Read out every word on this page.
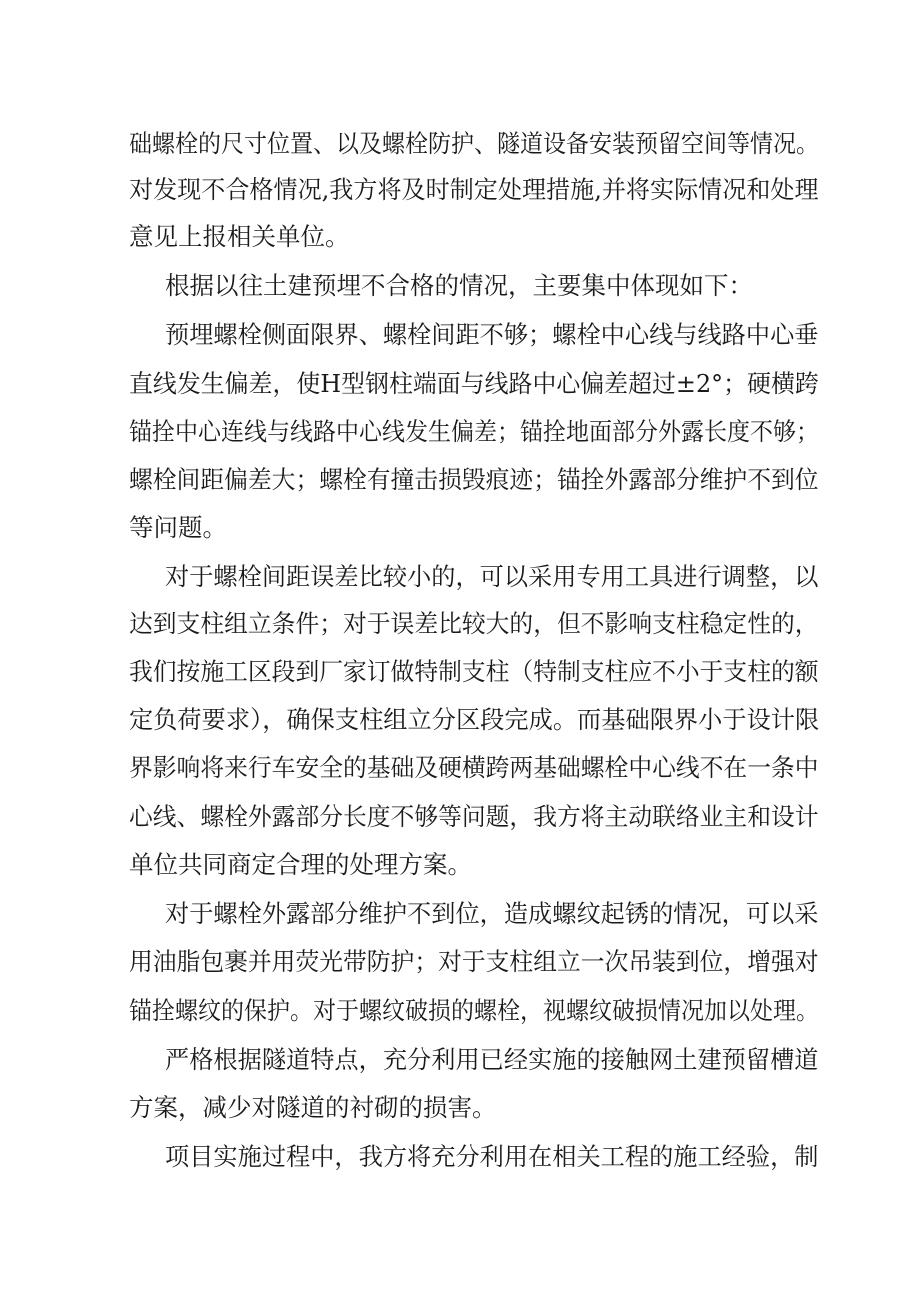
础螺栓的尺寸位置、以及螺栓防护、隧道设备安装预留空间等情况。
对发现不合格情况,我方将及时制定处理措施,并将实际情况和处理
意见上报相关单位。
根据以往土建预埋不合格的情况，主要集中体现如下：
预埋螺栓侧面限界、螺栓间距不够；螺栓中心线与线路中心垂
直线发生偏差，使H型钢柱端面与线路中心偏差超过±2°；硬横跨
锚拴中心连线与线路中心线发生偏差；锚拴地面部分外露长度不够；
螺栓间距偏差大；螺栓有撞击损毁痕迹；锚拴外露部分维护不到位
等问题。
对于螺栓间距误差比较小的，可以采用专用工具进行调整，以
达到支柱组立条件；对于误差比较大的，但不影响支柱稳定性的，
我们按施工区段到厂家订做特制支柱（特制支柱应不小于支柱的额
定负荷要求），确保支柱组立分区段完成。而基础限界小于设计限
界影响将来行车安全的基础及硬横跨两基础螺栓中心线不在一条中
心线、螺栓外露部分长度不够等问题，我方将主动联络业主和设计
单位共同商定合理的处理方案。
对于螺栓外露部分维护不到位，造成螺纹起锈的情况，可以采
用油脂包裹并用荧光带防护；对于支柱组立一次吊装到位，增强对
锚拴螺纹的保护。对于螺纹破损的螺栓，视螺纹破损情况加以处理。
严格根据隧道特点，充分利用已经实施的接触网土建预留槽道
方案，减少对隧道的衬砌的损害。
项目实施过程中，我方将充分利用在相关工程的施工经验，制
